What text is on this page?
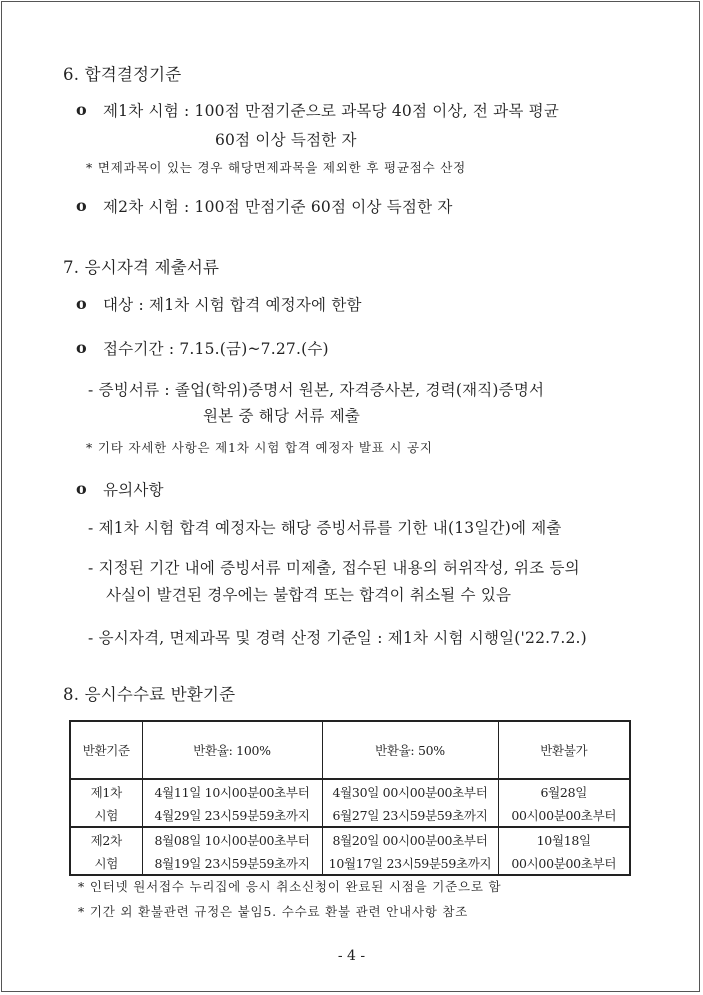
6. 합격결정기준
o 제1차 시험 : 100점 만점기준으로 과목당 40점 이상, 전 과목 평균
60점 이상 득점한 자
* 면제과목이 있는 경우 해당면제과목을 제외한 후 평균점수 산정
o 제2차 시험 : 100점 만점기준 60점 이상 득점한 자
7. 응시자격 제출서류
o 대상 : 제1차 시험 합격 예정자에 한함
o 접수기간 : 7.15.(금)~7.27.(수)
- 증빙서류 : 졸업(학위)증명서 원본, 자격증사본, 경력(재직)증명서
원본 중 해당 서류 제출
* 기타 자세한 사항은 제1차 시험 합격 예정자 발표 시 공지
o 유의사항
- 제1차 시험 합격 예정자는 해당 증빙서류를 기한 내(13일간)에 제출
- 지정된 기간 내에 증빙서류 미제출, 접수된 내용의 허위작성, 위조 등의
사실이 발견된 경우에는 불합격 또는 합격이 취소될 수 있음
- 응시자격, 면제과목 및 경력 산정 기준일 : 제1차 시험 시행일('22.7.2.)
8. 응시수수료 반환기준
반환기준	반환율: 100%	반환율: 50%	반환불가
제1차	4월11일 10시00분00초부터	4월30일 00시00분00초부터	6월28일
시험	4월29일 23시59분59초까지	6월27일 23시59분59초까지	00시00분00초부터
제2차	8월08일 10시00분00초부터	8월20일 00시00분00초부터	10월18일
시험	8월19일 23시59분59초까지	10월17일 23시59분59초까지	00시00분00초부터
* 인터넷 원서접수 누리집에 응시 취소신청이 완료된 시점을 기준으로 함
* 기간 외 환불관련 규정은 붙임5. 수수료 환불 관련 안내사항 참조
- 4 -
